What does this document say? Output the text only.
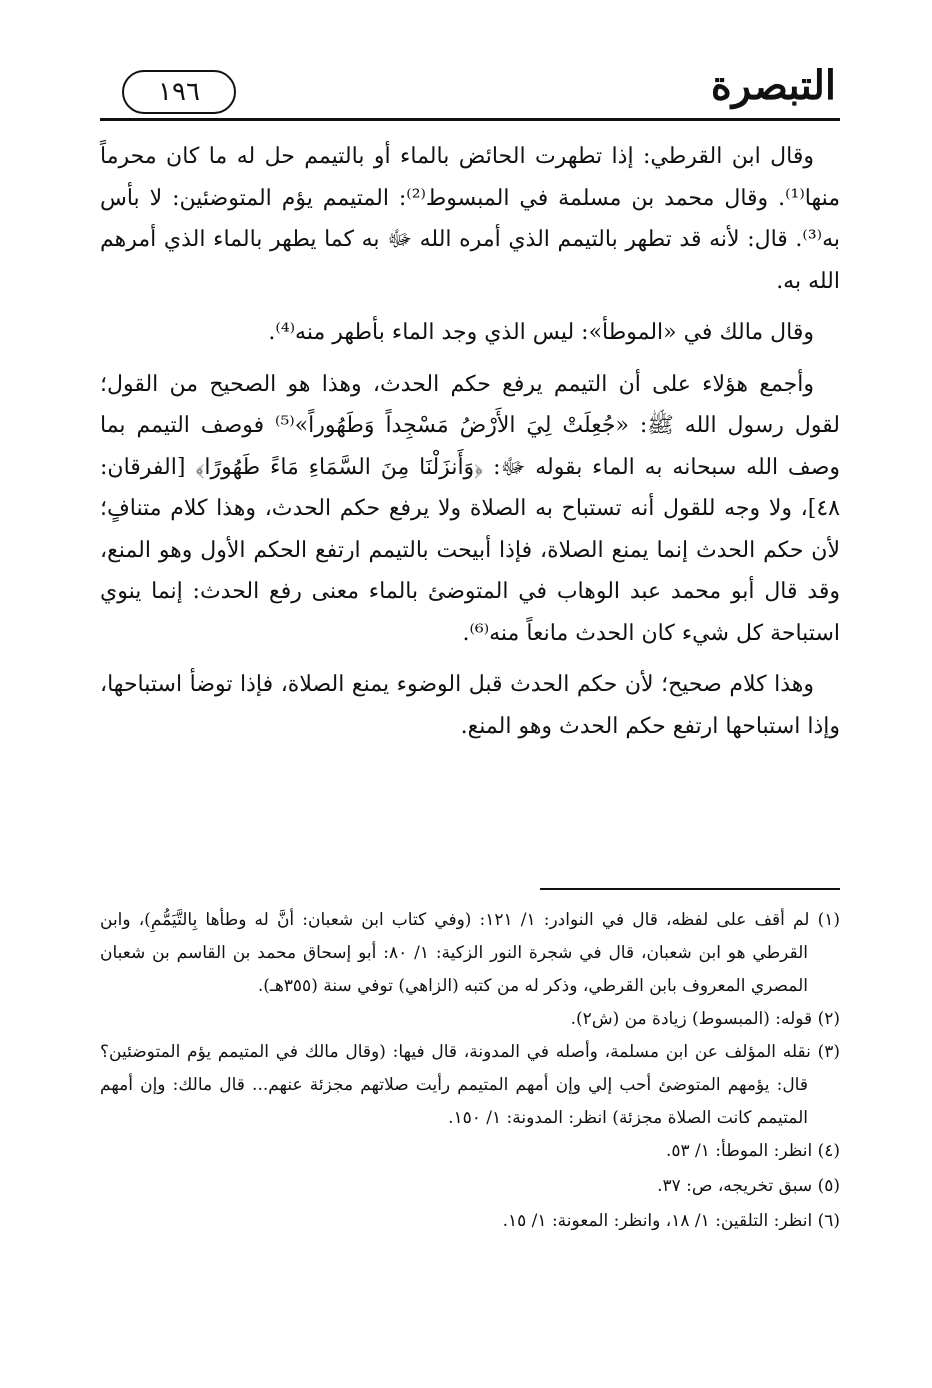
١٩٦	التبصرة

وقال ابن القرطي: إذا تطهرت الحائض بالماء أو بالتيمم حل له ما كان محرماً منها⁽¹⁾. وقال محمد بن مسلمة في المبسوط⁽²⁾: المتيمم يؤم المتوضئين: لا بأس به⁽³⁾. قال: لأنه قد تطهر بالتيمم الذي أمره الله ﷻ به كما يطهر بالماء الذي أمرهم الله به.

وقال مالك في «الموطأ»: ليس الذي وجد الماء بأطهر منه⁽⁴⁾.

وأجمع هؤلاء على أن التيمم يرفع حكم الحدث، وهذا هو الصحيح من القول؛ لقول رسول الله ﷺ: «جُعِلَتْ لِيَ الأَرْضُ مَسْجِداً وَطَهُوراً»⁽⁵⁾ فوصف التيمم بما وصف الله سبحانه به الماء بقوله ﷻ: ﴿وَأَنزَلْنَا مِنَ السَّمَاءِ مَاءً طَهُورًا﴾ [الفرقان: ٤٨]، ولا وجه للقول أنه تستباح به الصلاة ولا يرفع حكم الحدث، وهذا كلام متنافٍ؛ لأن حكم الحدث إنما يمنع الصلاة، فإذا أبيحت بالتيمم ارتفع الحكم الأول وهو المنع، وقد قال أبو محمد عبد الوهاب في المتوضئ بالماء معنى رفع الحدث: إنما ينوي استباحة كل شيء كان الحدث مانعاً منه⁽⁶⁾.

وهذا كلام صحيح؛ لأن حكم الحدث قبل الوضوء يمنع الصلاة، فإذا توضأ استباحها، وإذا استباحها ارتفع حكم الحدث وهو المنع.

(١) لم أقف على لفظه، قال في النوادر: ١/ ١٢١: (وفي كتاب ابن شعبان: أنَّ له وطأها بِالتَّيَمُّمِ)، وابن القرطي هو ابن شعبان، قال في شجرة النور الزكية: ١/ ٨٠: أبو إسحاق محمد بن القاسم بن شعبان المصري المعروف بابن القرطي، وذكر له من كتبه (الزاهي) توفي سنة (٣٥٥هـ).

(٢) قوله: (المبسوط) زيادة من (ش٢).

(٣) نقله المؤلف عن ابن مسلمة، وأصله في المدونة، قال فيها: (وقال مالك في المتيمم يؤم المتوضئين؟ قال: يؤمهم المتوضئ أحب إلي وإن أمهم المتيمم رأيت صلاتهم مجزئة عنهم... قال مالك: وإن أمهم المتيمم كانت الصلاة مجزئة) انظر: المدونة: ١/ ١٥٠.

(٤) انظر: الموطأ: ١/ ٥٣.

(٥) سبق تخريجه، ص: ٣٧.

(٦) انظر: التلقين: ١/ ١٨، وانظر: المعونة: ١/ ١٥.
